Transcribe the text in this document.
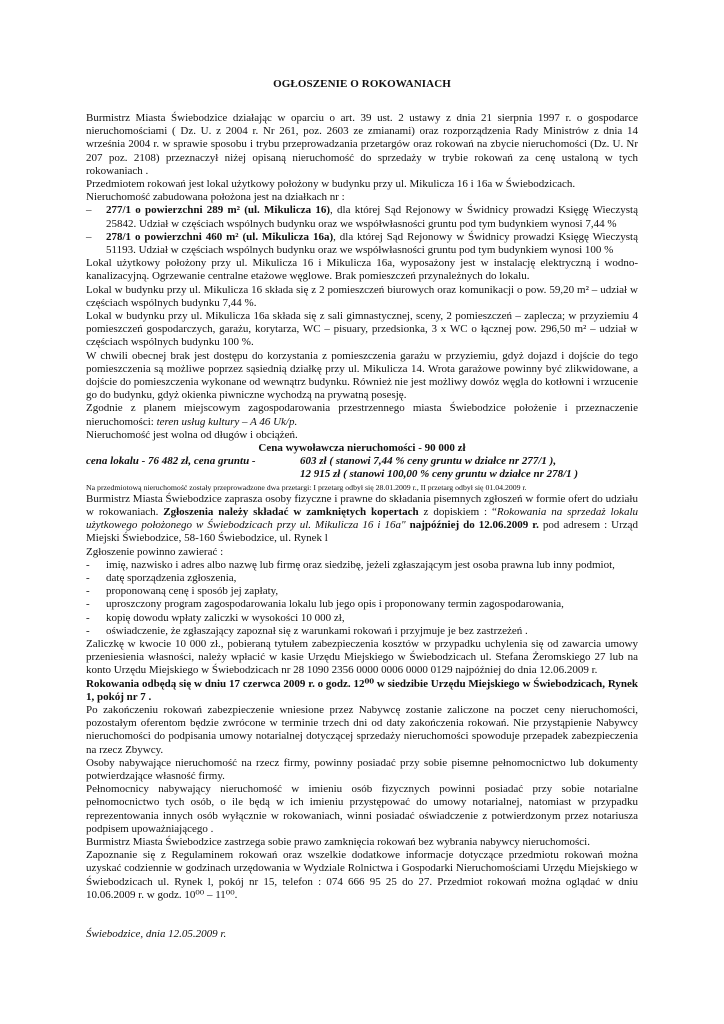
OGŁOSZENIE O ROKOWANIACH

Burmistrz Miasta Świebodzice działając w oparciu o art. 39 ust. 2 ustawy z dnia 21 sierpnia 1997 r. o gospodarce nieruchomościami ( Dz. U. z 2004 r. Nr 261, poz. 2603 ze zmianami) oraz rozporządzenia Rady Ministrów z dnia 14 września 2004 r. w sprawie sposobu i trybu przeprowadzania przetargów oraz rokowań na zbycie nieruchomości (Dz. U. Nr 207 poz. 2108) przeznaczył niżej opisaną nieruchomość do sprzedaży w trybie rokowań za cenę ustaloną w tych rokowaniach .

Przedmiotem rokowań jest lokal użytkowy położony w budynku przy ul. Mikulicza 16 i 16a w Świebodzicach.

Nieruchomość zabudowana położona jest na działkach nr :

–	277/1 o powierzchni 289 m² (ul. Mikulicza 16), dla której Sąd Rejonowy w Świdnicy prowadzi Księgę Wieczystą 25842. Udział w częściach wspólnych budynku oraz we współwłasności gruntu pod tym budynkiem wynosi 7,44 %
–	278/1 o powierzchni 460 m² (ul. Mikulicza 16a), dla której Sąd Rejonowy w Świdnicy prowadzi Księgę Wieczystą 51193. Udział w częściach wspólnych budynku oraz we współwłasności gruntu pod tym budynkiem wynosi 100 %

Lokal użytkowy położony przy ul. Mikulicza 16 i Mikulicza 16a, wyposażony jest w instalację elektryczną i wodno-kanalizacyjną. Ogrzewanie centralne etażowe węglowe. Brak pomieszczeń przynależnych do lokalu.

Lokal w budynku przy ul. Mikulicza 16 składa się z 2 pomieszczeń biurowych oraz komunikacji o pow. 59,20 m² – udział w częściach wspólnych budynku 7,44 %.

Lokal w budynku przy ul. Mikulicza 16a składa się z sali gimnastycznej, sceny, 2 pomieszczeń – zaplecza; w przyziemiu 4 pomieszczeń gospodarczych, garażu, korytarza, WC – pisuary, przedsionka, 3 x WC o łącznej pow. 296,50 m² – udział w częściach wspólnych budynku 100 %.

W chwili obecnej brak jest dostępu do korzystania z pomieszczenia garażu w przyziemiu, gdyż dojazd i dojście do tego pomieszczenia są możliwe poprzez sąsiednią działkę przy ul. Mikulicza 14. Wrota garażowe powinny być zlikwidowane, a dojście do pomieszczenia wykonane od wewnątrz budynku. Również nie jest możliwy dowóz węgla do kotłowni i wrzucenie go do budynku, gdyż okienka piwniczne wychodzą na prywatną posesję.

Zgodnie z planem miejscowym zagospodarowania przestrzennego miasta Świebodzice położenie i przeznaczenie nieruchomości: teren usług kultury – A 46 Uk/p.

Nieruchomość jest wolna od długów i obciążeń.

Cena wywoławcza nieruchomości - 90 000 zł

cena lokalu - 76 482 zł, cena gruntu -	603 zł ( stanowi 7,44 % ceny gruntu w działce nr 277/1 ),
12 915 zł ( stanowi 100,00 % ceny gruntu w działce nr 278/1 )

Na przedmiotową nieruchomość zostały przeprowadzone dwa przetargi: I przetarg odbył się 28.01.2009 r., II przetarg odbył się 01.04.2009 r.

Burmistrz Miasta Świebodzice zaprasza osoby fizyczne i prawne do składania pisemnych zgłoszeń w formie ofert do udziału w rokowaniach. Zgłoszenia należy składać w zamkniętych kopertach z dopiskiem : “Rokowania na sprzedaż lokalu użytkowego położonego w Świebodzicach przy ul. Mikulicza 16 i 16a" najpóźniej do 12.06.2009 r. pod adresem : Urząd Miejski Świebodzice, 58-160 Świebodzice, ul. Rynek l

Zgłoszenie powinno zawierać :

-	imię, nazwisko i adres albo nazwę lub firmę oraz siedzibę, jeżeli zgłaszającym jest osoba prawna lub inny podmiot,
-	datę sporządzenia zgłoszenia,
-	proponowaną cenę i sposób jej zapłaty,
-	uproszczony program zagospodarowania lokalu lub jego opis i proponowany termin zagospodarowania,
-	kopię dowodu wpłaty zaliczki w wysokości 10 000 zł,
-	oświadczenie, że zgłaszający zapoznał się z warunkami rokowań i przyjmuje je bez zastrzeżeń .

Zaliczkę w kwocie 10 000 zł., pobieraną tytułem zabezpieczenia kosztów w przypadku uchylenia się od zawarcia umowy przeniesienia własności, należy wpłacić w kasie Urzędu Miejskiego w Świebodzicach ul. Stefana Żeromskiego 27 lub na konto Urzędu Miejskiego w Świebodzicach nr 28 1090 2356 0000 0006 0000 0129 najpóźniej do dnia 12.06.2009 r.

Rokowania odbędą się w dniu 17 czerwca 2009 r. o godz. 12⁰⁰ w siedzibie Urzędu Miejskiego w Świebodzicach, Rynek 1, pokój nr 7 .

Po zakończeniu rokowań zabezpieczenie wniesione przez Nabywcę zostanie zaliczone na poczet ceny nieruchomości, pozostałym oferentom będzie zwrócone w terminie trzech dni od daty zakończenia rokowań. Nie przystąpienie Nabywcy nieruchomości do podpisania umowy notarialnej dotyczącej sprzedaży nieruchomości spowoduje przepadek zabezpieczenia na rzecz Zbywcy.

Osoby nabywające nieruchomość na rzecz firmy, powinny posiadać przy sobie pisemne pełnomocnictwo lub dokumenty potwierdzające własność firmy.

Pełnomocnicy nabywający nieruchomość w imieniu osób fizycznych powinni posiadać przy sobie notarialne pełnomocnictwo tych osób, o ile będą w ich imieniu przystępować do umowy notarialnej, natomiast w przypadku reprezentowania innych osób wyłącznie w rokowaniach, winni posiadać oświadczenie z potwierdzonym przez notariusza podpisem upoważniającego .

Burmistrz Miasta Świebodzice zastrzega sobie prawo zamknięcia rokowań bez wybrania nabywcy nieruchomości.

Zapoznanie się z Regulaminem rokowań oraz wszelkie dodatkowe informacje dotyczące przedmiotu rokowań można uzyskać codziennie w godzinach urzędowania w Wydziale Rolnictwa i Gospodarki Nieruchomościami Urzędu Miejskiego w Świebodzicach ul. Rynek l, pokój nr 15, telefon : 074 666 95 25 do 27. Przedmiot rokowań można oglądać w dniu 10.06.2009 r. w godz. 10⁰⁰ – 11⁰⁰.

Świebodzice, dnia 12.05.2009 r.
